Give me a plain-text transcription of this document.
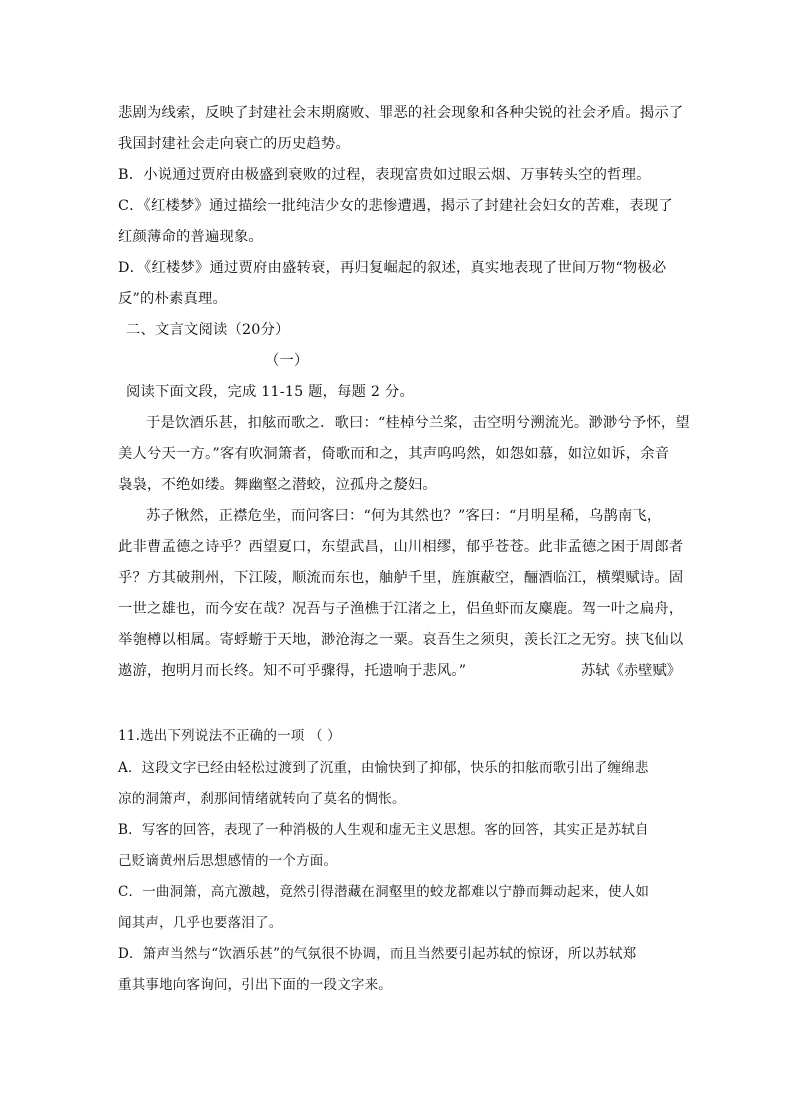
悲剧为线索，反映了封建社会末期腐败、罪恶的社会现象和各种尖锐的社会矛盾。揭示了
我国封建社会走向衰亡的历史趋势。
B．小说通过贾府由极盛到衰败的过程，表现富贵如过眼云烟、万事转头空的哲理。
C．《红楼梦》通过描绘一批纯洁少女的悲惨遭遇，揭示了封建社会妇女的苦难，表现了
红颜薄命的普遍现象。
D．《红楼梦》通过贾府由盛转衰，再归复崛起的叙述，真实地表现了世间万物“物极必
反”的朴素真理。
二、文言文阅读（20分）
（一）
阅读下面文段，完成 11-15 题，每题 2 分。
于是饮酒乐甚，扣舷而歌之．歌曰：“桂棹兮兰桨，击空明兮溯流光。渺渺兮予怀，望
美人兮天一方。”客有吹洞箫者，倚歌而和之，其声呜呜然，如怨如慕，如泣如诉，余音
袅袅，不绝如缕。舞幽壑之潜蛟，泣孤舟之嫠妇。
苏子愀然，正襟危坐，而问客曰：“何为其然也？”客曰：“月明星稀，乌鹊南飞，
此非曹孟德之诗乎？西望夏口，东望武昌，山川相缪，郁乎苍苍。此非孟德之困于周郎者
乎？方其破荆州，下江陵，顺流而东也，舳舻千里，旌旗蔽空，酾酒临江，横槊赋诗。固
一世之雄也，而今安在哉？况吾与子渔樵于江渚之上，侣鱼虾而友麋鹿。驾一叶之扁舟，
举匏樽以相属。寄蜉蝣于天地，渺沧海之一粟。哀吾生之须臾，羡长江之无穷。挟飞仙以
遨游，抱明月而长终。知不可乎骤得，托遗响于悲风。”	苏轼《赤壁赋》
11.选出下列说法不正确的一项 （ ）
A．这段文字已经由轻松过渡到了沉重，由愉快到了抑郁，快乐的扣舷而歌引出了缠绵悲
凉的洞箫声，刹那间情绪就转向了莫名的惆怅。
B．写客的回答，表现了一种消极的人生观和虚无主义思想。客的回答，其实正是苏轼自
己贬谪黄州后思想感情的一个方面。
C．一曲洞箫，高亢激越，竟然引得潜藏在洞壑里的蛟龙都难以宁静而舞动起来，使人如
闻其声，几乎也要落泪了。
D．箫声当然与“饮酒乐甚”的气氛很不协调，而且当然要引起苏轼的惊讶，所以苏轼郑
重其事地向客询问，引出下面的一段文字来。
